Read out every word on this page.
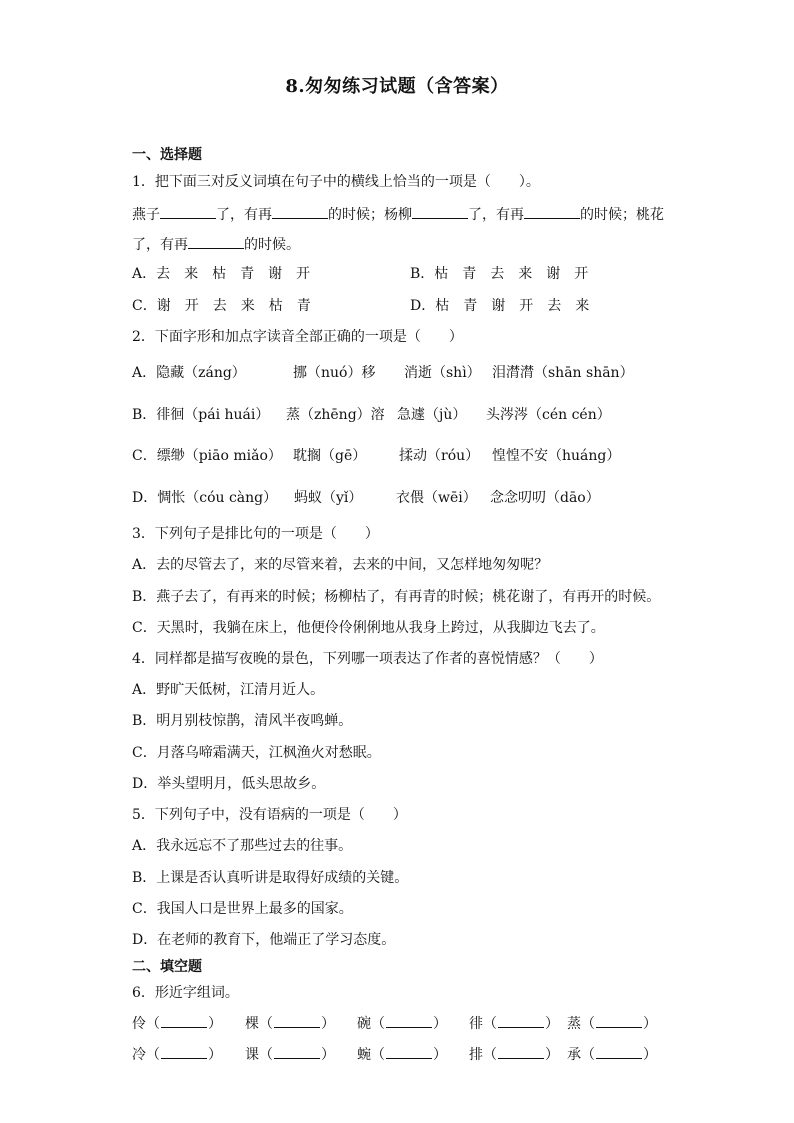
8.匆匆练习试题（含答案）
一、选择题
1．把下面三对反义词填在句子中的横线上恰当的一项是（　　）。
燕子	了，有再	的时候；杨柳	了，有再	的时候；桃花
了，有再	的时候。
A．去　来　枯　青　谢　开	B．枯　青　去　来　谢　开
C．谢　开　去　来　枯　青	D．枯　青　谢　开　去　来
2．下面字形和加点字读音全部正确的一项是（　　）
A．隐藏（záng）	挪（nuó）移 消逝（shì） 泪潸潸（shān shān）
B．徘徊（pái huái） 蒸（zhēng）溶 急遽（jù） 头涔涔（cén cén）
C．缥缈（piāo miǎo） 耽搁（gē） 揉动（róu） 惶惶不安（huáng）
D．惆怅（cóu càng） 蚂蚁（yǐ） 衣偎（wēi） 念念叨叨（dāo）
3．下列句子是排比句的一项是（　　）
A．去的尽管去了，来的尽管来着，去来的中间，又怎样地匆匆呢？
B．燕子去了，有再来的时候；杨柳枯了，有再青的时候；桃花谢了，有再开的时候。
C．天黑时，我躺在床上，他便伶伶俐俐地从我身上跨过，从我脚边飞去了。
4．同样都是描写夜晚的景色，下列哪一项表达了作者的喜悦情感？（　　）
A．野旷天低树，江清月近人。
B．明月别枝惊鹊，清风半夜鸣蝉。
C．月落乌啼霜满天，江枫渔火对愁眠。
D．举头望明月，低头思故乡。
5．下列句子中，没有语病的一项是（　　）
A．我永远忘不了那些过去的往事。
B．上课是否认真听讲是取得好成绩的关键。
C．我国人口是世界上最多的国家。
D．在老师的教育下，他端正了学习态度。
二、填空题
6．形近字组词。
伶（	） 棵（	） 碗（	） 徘（	） 蒸（	）
冷（	） 课（	） 蜿（	） 排（	） 承（	）
